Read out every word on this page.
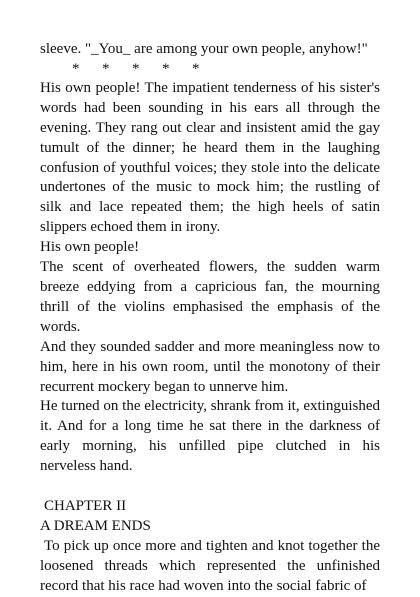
sleeve. "_You_ are among your own people, anyhow!"

*      *      *      *      *

His own people! The impatient tenderness of his sister's words had been sounding in his ears all through the evening. They rang out clear and insistent amid the gay tumult of the dinner; he heard them in the laughing confusion of youthful voices; they stole into the delicate undertones of the music to mock him; the rustling of silk and lace repeated them; the high heels of satin slippers echoed them in irony.

His own people!

The scent of overheated flowers, the sudden warm breeze eddying from a capricious fan, the mourning thrill of the violins emphasised the emphasis of the words.

And they sounded sadder and more meaningless now to him, here in his own room, until the monotony of their recurrent mockery began to unnerve him.

He turned on the electricity, shrank from it, extinguished it. And for a long time he sat there in the darkness of early morning, his unfilled pipe clutched in his nerveless hand.

CHAPTER II

A DREAM ENDS

To pick up once more and tighten and knot together the loosened threads which represented the unfinished record that his race had woven into the social fabric of
